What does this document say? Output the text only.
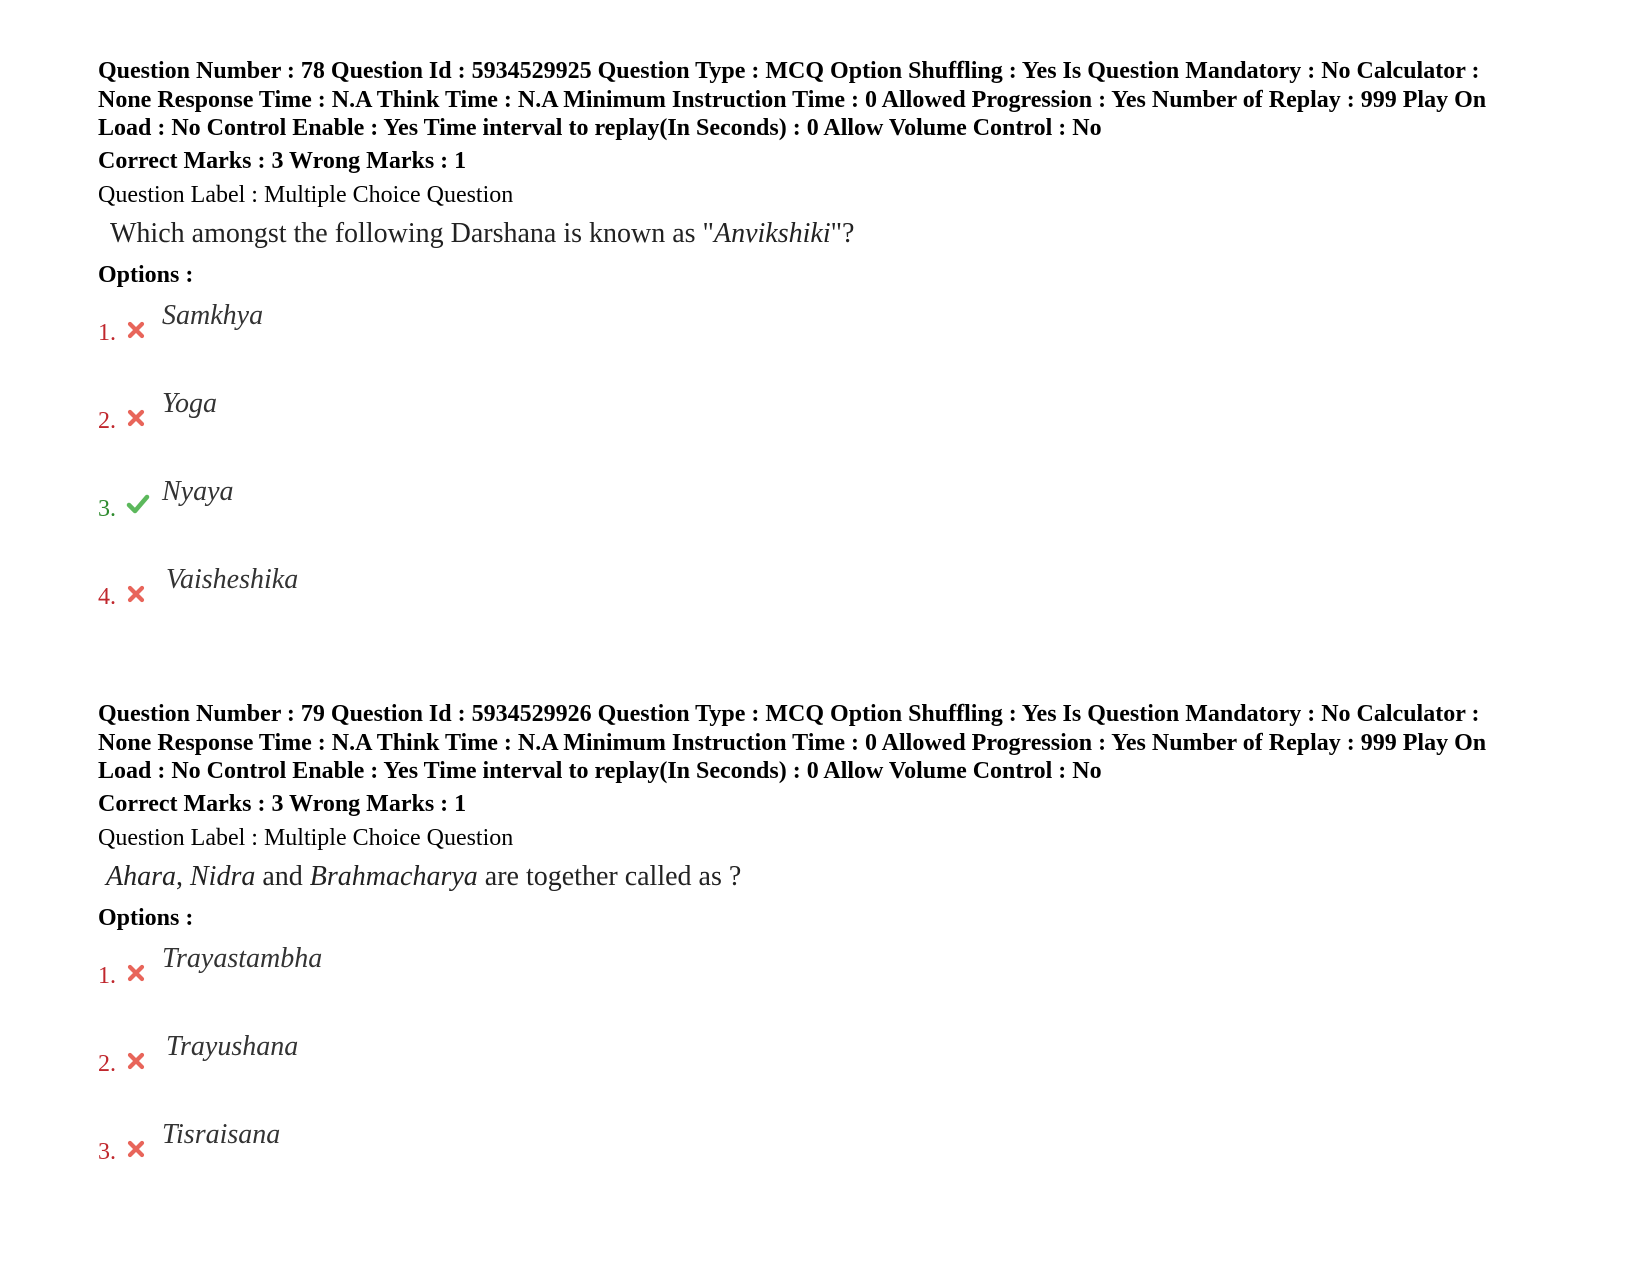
Question Number : 78 Question Id : 5934529925 Question Type : MCQ Option Shuffling : Yes Is Question Mandatory : No Calculator :
None Response Time : N.A Think Time : N.A Minimum Instruction Time : 0 Allowed Progression : Yes Number of Replay : 999 Play On
Load : No Control Enable : Yes Time interval to replay(In Seconds) : 0 Allow Volume Control : No

Correct Marks : 3 Wrong Marks : 1
Question Label : Multiple Choice Question
Which amongst the following Darshana is known as "Anvikshiki"?
Options :
1.
Samkhya
2.
Yoga
3.
Nyaya
4.
Vaisheshika

Question Number : 79 Question Id : 5934529926 Question Type : MCQ Option Shuffling : Yes Is Question Mandatory : No Calculator :
None Response Time : N.A Think Time : N.A Minimum Instruction Time : 0 Allowed Progression : Yes Number of Replay : 999 Play On
Load : No Control Enable : Yes Time interval to replay(In Seconds) : 0 Allow Volume Control : No

Correct Marks : 3 Wrong Marks : 1
Question Label : Multiple Choice Question
Ahara, Nidra and Brahmacharya are together called as ?
Options :
1.
Trayastambha
2.
Trayushana
3.
Tisraisana
